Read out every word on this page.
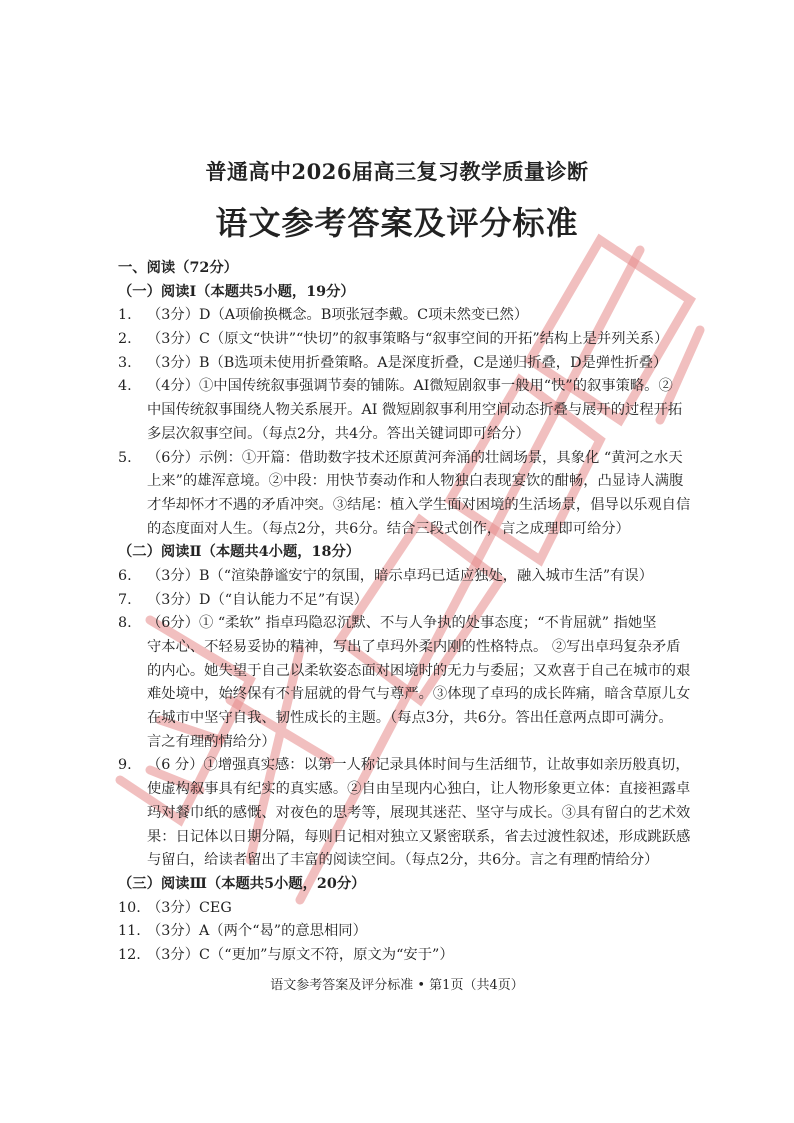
普通高中2026届高三复习教学质量诊断
语文参考答案及评分标准
一、阅读（72分）
（一）阅读Ⅰ（本题共5小题，19分）
1. （3分）D（A项偷换概念。B项张冠李戴。C项未然变已然）
2. （3分）C（原文“快讲”“快切”的叙事策略与“叙事空间的开拓”结构上是并列关系）
3. （3分）B（B选项未使用折叠策略。A是深度折叠，C是递归折叠，D是弹性折叠）
4. （4分）①中国传统叙事强调节奏的铺陈。AI微短剧叙事一般用“快”的叙事策略。②
中国传统叙事围绕人物关系展开。AI 微短剧叙事利用空间动态折叠与展开的过程开拓
多层次叙事空间。（每点2分，共4分。答出关键词即可给分）
5. （6分）示例：①开篇：借助数字技术还原黄河奔涌的壮阔场景，具象化 “黄河之水天
上来”的雄浑意境。②中段：用快节奏动作和人物独白表现宴饮的酣畅，凸显诗人满腹
才华却怀才不遇的矛盾冲突。③结尾：植入学生面对困境的生活场景，倡导以乐观自信
的态度面对人生。（每点2分，共6分。结合三段式创作，言之成理即可给分）
（二）阅读Ⅱ（本题共4小题，18分）
6. （3分）B（“渲染静谧安宁的氛围，暗示卓玛已适应独处，融入城市生活”有误）
7. （3分）D（“自认能力不足”有误）
8. （6分）① “柔软” 指卓玛隐忍沉默、不与人争执的处事态度；“不肯屈就” 指她坚
守本心、不轻易妥协的精神，写出了卓玛外柔内刚的性格特点。 ②写出卓玛复杂矛盾
的内心。她失望于自己以柔软姿态面对困境时的无力与委屈；又欢喜于自己在城市的艰
难处境中，始终保有不肯屈就的骨气与尊严。③体现了卓玛的成长阵痛，暗含草原儿女
在城市中坚守自我、韧性成长的主题。（每点3分，共6分。答出任意两点即可满分。
言之有理酌情给分）
9. （6 分）①增强真实感：以第一人称记录具体时间与生活细节，让故事如亲历般真切，
使虚构叙事具有纪实的真实感。②自由呈现内心独白，让人物形象更立体：直接袒露卓
玛对餐巾纸的感慨、对夜色的思考等，展现其迷茫、坚守与成长。③具有留白的艺术效
果：日记体以日期分隔，每则日记相对独立又紧密联系，省去过渡性叙述，形成跳跃感
与留白，给读者留出了丰富的阅读空间。（每点2分，共6分。言之有理酌情给分）
（三）阅读Ⅲ（本题共5小题，20分）
10. （3分）CEG
11. （3分）A（两个“曷”的意思相同）
12. （3分）C（“更加”与原文不符，原文为“安于”）
语文参考答案及评分标准 • 第1页（共4页）
